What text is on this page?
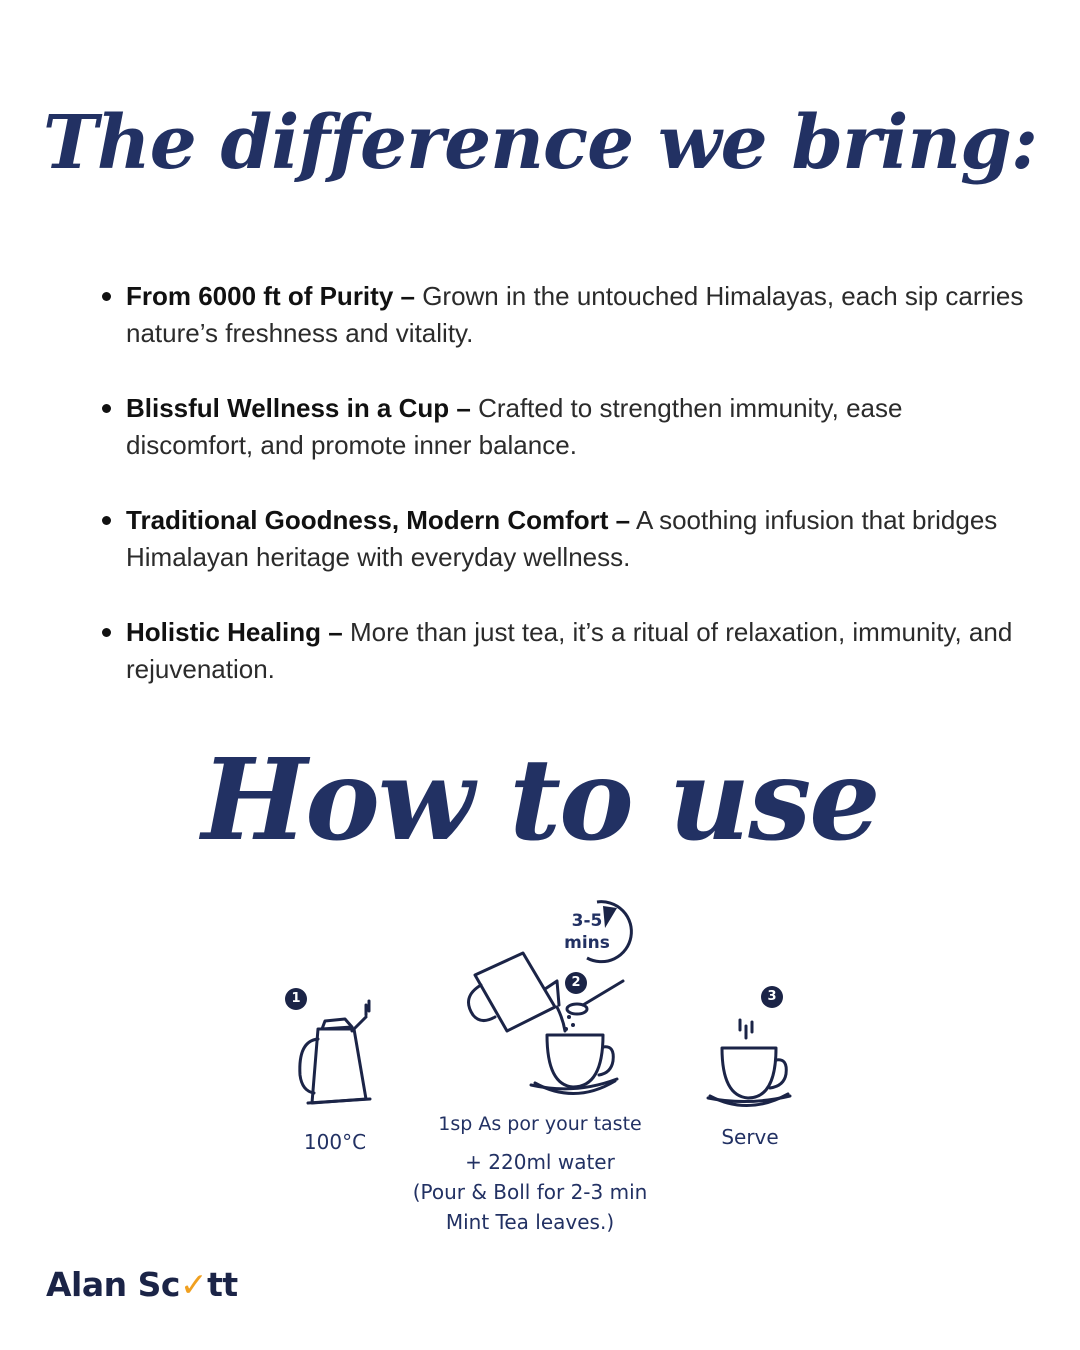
The difference we bring:
From 6000 ft of Purity – Grown in the untouched Himalayas, each sip carries nature’s freshness and vitality.
Blissful Wellness in a Cup – Crafted to strengthen immunity, ease discomfort, and promote inner balance.
Traditional Goodness, Modern Comfort – A soothing infusion that bridges Himalayan heritage with everyday wellness.
Holistic Healing – More than just tea, it’s a ritual of relaxation, immunity, and rejuvenation.
How to use
1
100°C
3-5
mins
2
1sp As por your taste
+ 220ml water
(Pour & Boll for 2-3 min
Mint Tea leaves.)
3
Serve
Alan Sc✓tt
